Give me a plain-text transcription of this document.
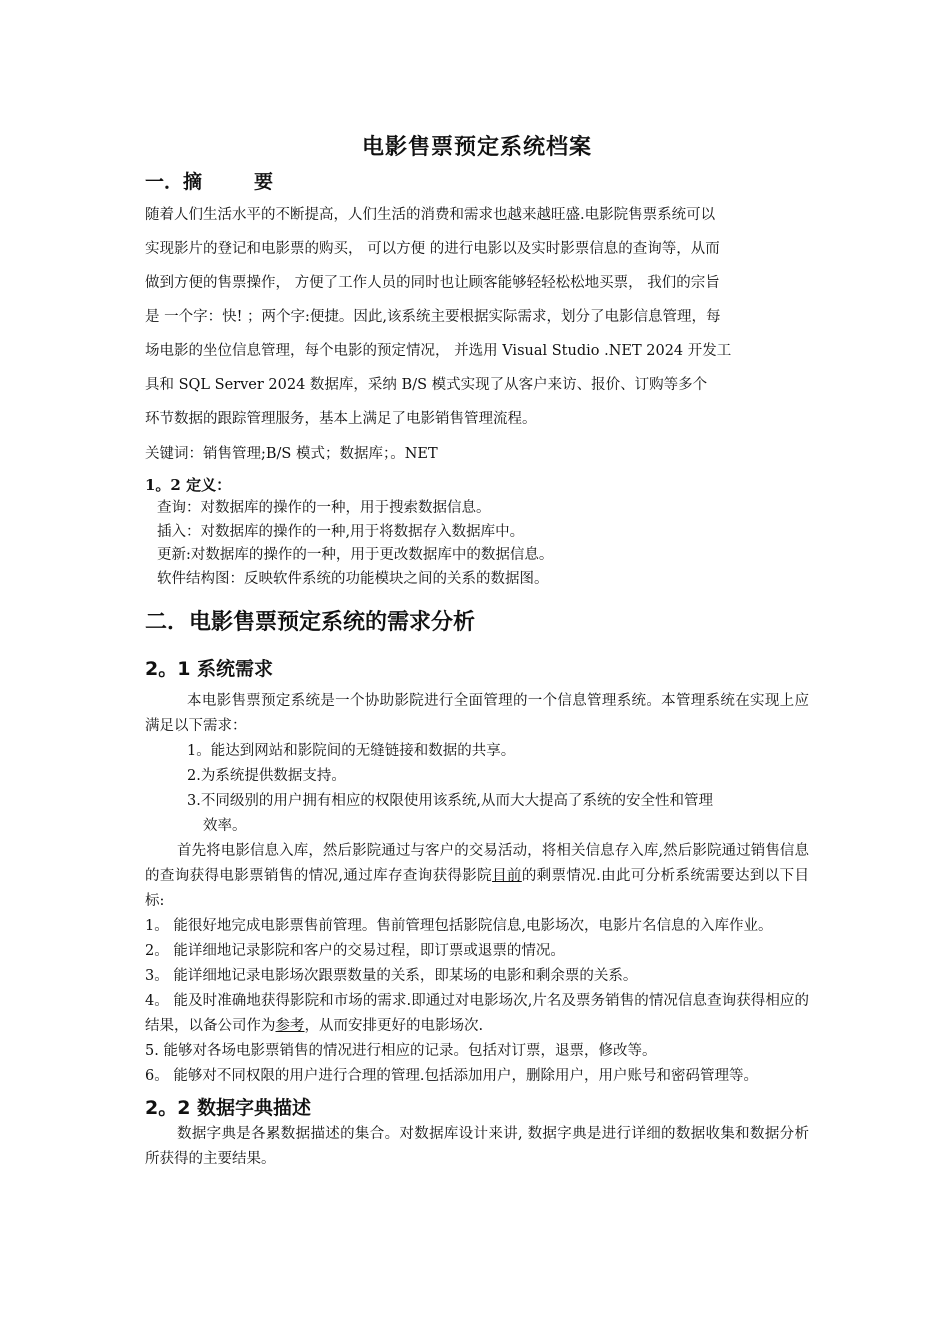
电影售票预定系统档案
一．摘	要

随着人们生活水平的不断提高，人们生活的消费和需求也越来越旺盛.电影院售票系统可以

实现影片的登记和电影票的购买， 可以方便 的进行电影以及实时影票信息的查询等，从而

做到方便的售票操作， 方便了工作人员的同时也让顾客能够轻轻松松地买票， 我们的宗旨

是 一个字：快! ；两个字:便捷。因此,该系统主要根据实际需求，划分了电影信息管理，每

场电影的坐位信息管理，每个电影的预定情况， 并选用 Visual Studio .NET 2024 开发工

具和 SQL Server 2024 数据库，采纳 B/S 模式实现了从客户来访、报价、订购等多个

环节数据的跟踪管理服务，基本上满足了电影销售管理流程。

关键词：销售管理;B/S 模式；数据库；。NET

1。2 定义：
查询：对数据库的操作的一种，用于搜索数据信息。
插入：对数据库的操作的一种,用于将数据存入数据库中。
更新:对数据库的操作的一种，用于更改数据库中的数据信息。
软件结构图：反映软件系统的功能模块之间的关系的数据图。
二．电影售票预定系统的需求分析
2。1 系统需求

本电影售票预定系统是一个协助影院进行全面管理的一个信息管理系统。本管理系统在实现上应满足以下需求：

1。能达到网站和影院间的无缝链接和数据的共享。
2.为系统提供数据支持。
3.不同级别的用户拥有相应的权限使用该系统,从而大大提高了系统的安全性和管理
效率。

首先将电影信息入库，然后影院通过与客户的交易活动，将相关信息存入库,然后影院通过销售信息的查询获得电影票销售的情况,通过库存查询获得影院目前的剩票情况.由此可分析系统需要达到以下目标:

1。 能很好地完成电影票售前管理。售前管理包括影院信息,电影场次，电影片名信息的入库作业。

2。 能详细地记录影院和客户的交易过程，即订票或退票的情况。

3。 能详细地记录电影场次跟票数量的关系，即某场的电影和剩余票的关系。

4。 能及时准确地获得影院和市场的需求.即通过对电影场次,片名及票务销售的情况信息查询获得相应的结果，以备公司作为参考，从而安排更好的电影场次.

5. 能够对各场电影票销售的情况进行相应的记录。包括对订票，退票，修改等。

6。 能够对不同权限的用户进行合理的管理.包括添加用户，删除用户，用户账号和密码管理等。

2。2 数据字典描述

数据字典是各累数据描述的集合。对数据库设计来讲, 数据字典是进行详细的数据收集和数据分析所获得的主要结果。
